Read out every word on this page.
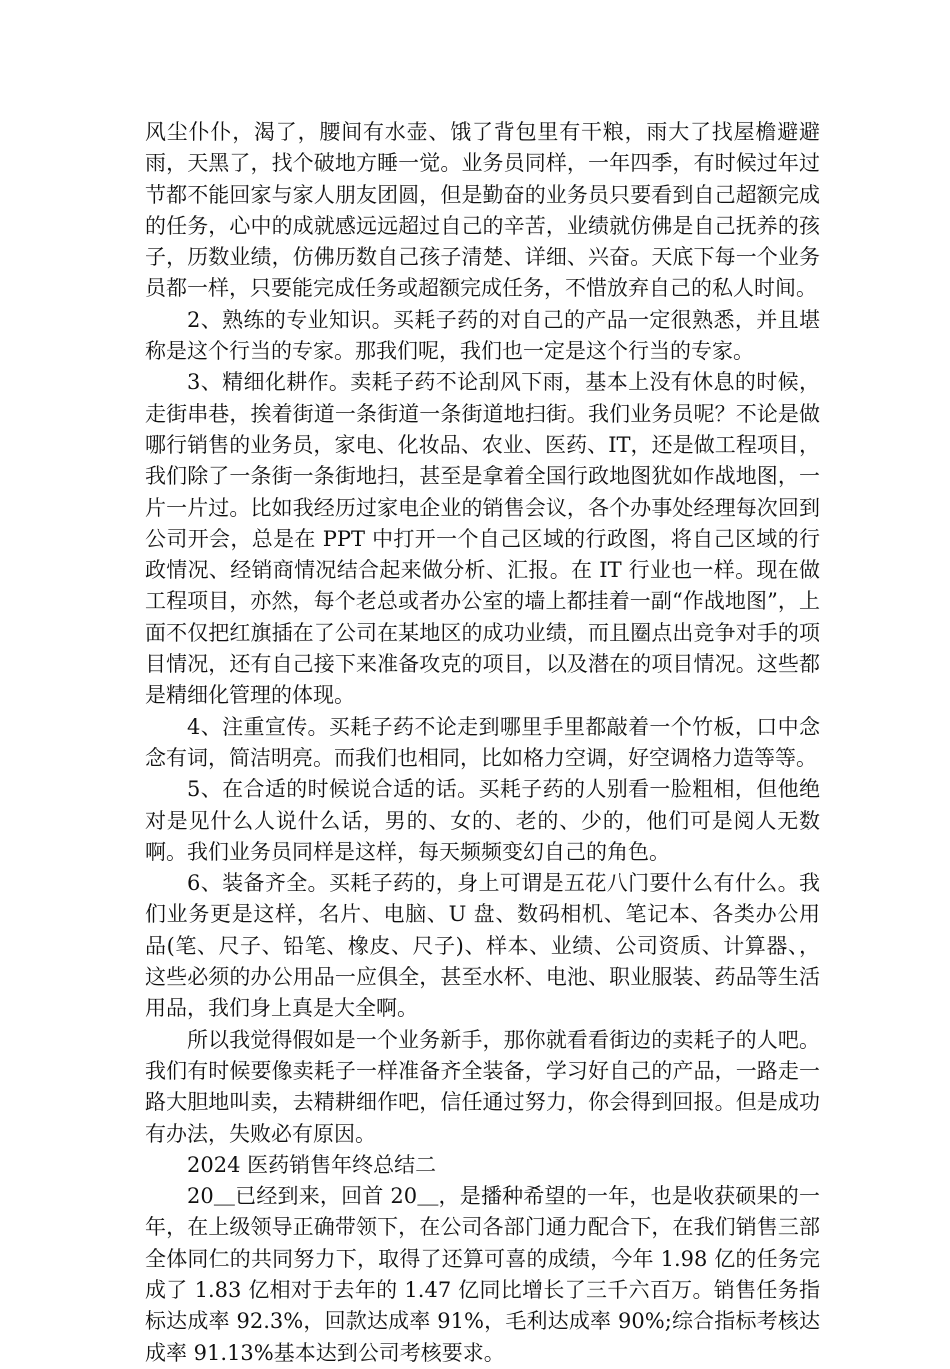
风尘仆仆，渴了，腰间有水壶、饿了背包里有干粮，雨大了找屋檐避避雨，天黑了，找个破地方睡一觉。业务员同样，一年四季，有时候过年过节都不能回家与家人朋友团圆，但是勤奋的业务员只要看到自己超额完成的任务，心中的成就感远远超过自己的辛苦，业绩就仿佛是自己抚养的孩子，历数业绩，仿佛历数自己孩子清楚、详细、兴奋。天底下每一个业务员都一样，只要能完成任务或超额完成任务，不惜放弃自己的私人时间。

2、熟练的专业知识。买耗子药的对自己的产品一定很熟悉，并且堪称是这个行当的专家。那我们呢，我们也一定是这个行当的专家。

3、精细化耕作。卖耗子药不论刮风下雨，基本上没有休息的时候，走街串巷，挨着街道一条街道一条街道地扫街。我们业务员呢？不论是做哪行销售的业务员，家电、化妆品、农业、医药、IT，还是做工程项目，我们除了一条街一条街地扫，甚至是拿着全国行政地图犹如作战地图，一片一片过。比如我经历过家电企业的销售会议，各个办事处经理每次回到公司开会，总是在 PPT 中打开一个自己区域的行政图，将自己区域的行政情况、经销商情况结合起来做分析、汇报。在 IT 行业也一样。现在做工程项目，亦然，每个老总或者办公室的墙上都挂着一副“作战地图”，上面不仅把红旗插在了公司在某地区的成功业绩，而且圈点出竞争对手的项目情况，还有自己接下来准备攻克的项目，以及潜在的项目情况。这些都是精细化管理的体现。

4、注重宣传。买耗子药不论走到哪里手里都敲着一个竹板，口中念念有词，简洁明亮。而我们也相同，比如格力空调，好空调格力造等等。

5、在合适的时候说合适的话。买耗子药的人别看一脸粗相，但他绝对是见什么人说什么话，男的、女的、老的、少的，他们可是阅人无数啊。我们业务员同样是这样，每天频频变幻自己的角色。

6、装备齐全。买耗子药的，身上可谓是五花八门要什么有什么。我们业务更是这样，名片、电脑、U 盘、数码相机、笔记本、各类办公用品(笔、尺子、铅笔、橡皮、尺子)、样本、业绩、公司资质、计算器、，这些必须的办公用品一应俱全，甚至水杯、电池、职业服装、药品等生活用品，我们身上真是大全啊。

所以我觉得假如是一个业务新手，那你就看看街边的卖耗子的人吧。我们有时候要像卖耗子一样准备齐全装备，学习好自己的产品，一路走一路大胆地叫卖，去精耕细作吧，信任通过努力，你会得到回报。但是成功有办法，失败必有原因。

2024 医药销售年终总结二

20＿已经到来，回首 20＿，是播种希望的一年，也是收获硕果的一年，在上级领导正确带领下，在公司各部门通力配合下，在我们销售三部全体同仁的共同努力下，取得了还算可喜的成绩，今年 1.98 亿的任务完成了 1.83 亿相对于去年的 1.47 亿同比增长了三千六百万。销售任务指标达成率 92.3%，回款达成率 91%，毛利达成率 90%;综合指标考核达成率 91.13%基本达到公司考核要求。
